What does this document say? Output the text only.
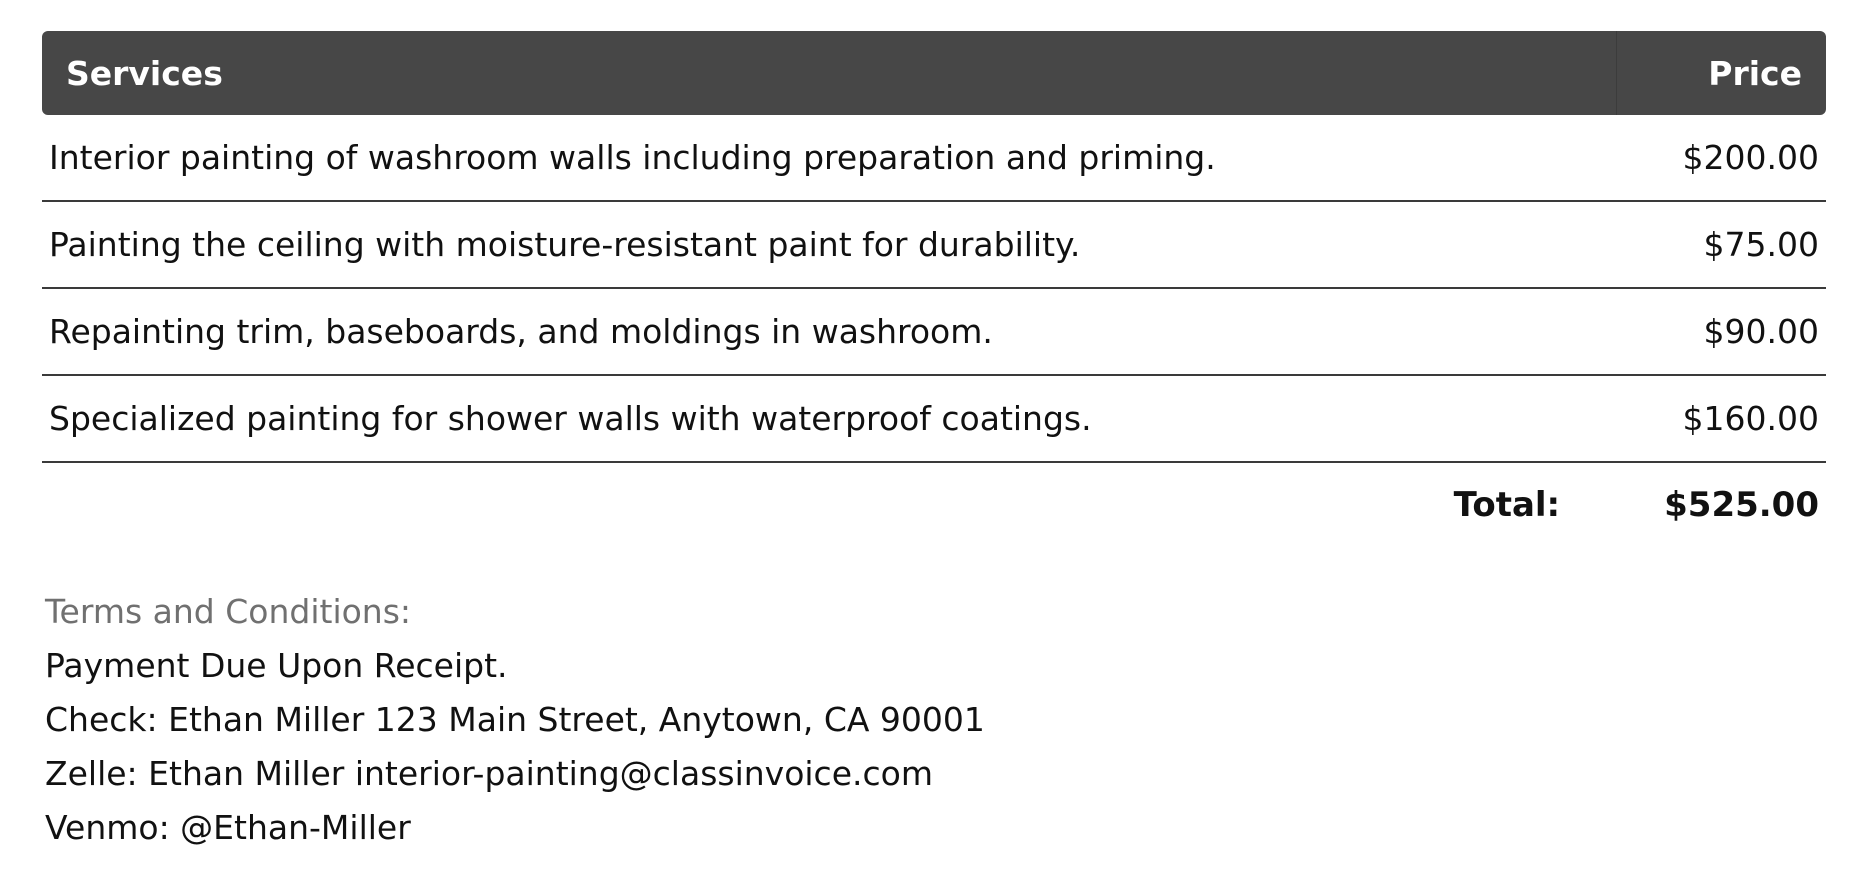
Services	Price
Interior painting of washroom walls including preparation and priming.	$200.00
Painting the ceiling with moisture-resistant paint for durability.	$75.00
Repainting trim, baseboards, and moldings in washroom.	$90.00
Specialized painting for shower walls with waterproof coatings.	$160.00
Total:	$525.00
Terms and Conditions:
Payment Due Upon Receipt.
Check: Ethan Miller 123 Main Street, Anytown, CA 90001
Zelle: Ethan Miller interior-painting@classinvoice.com
Venmo: @Ethan-Miller
